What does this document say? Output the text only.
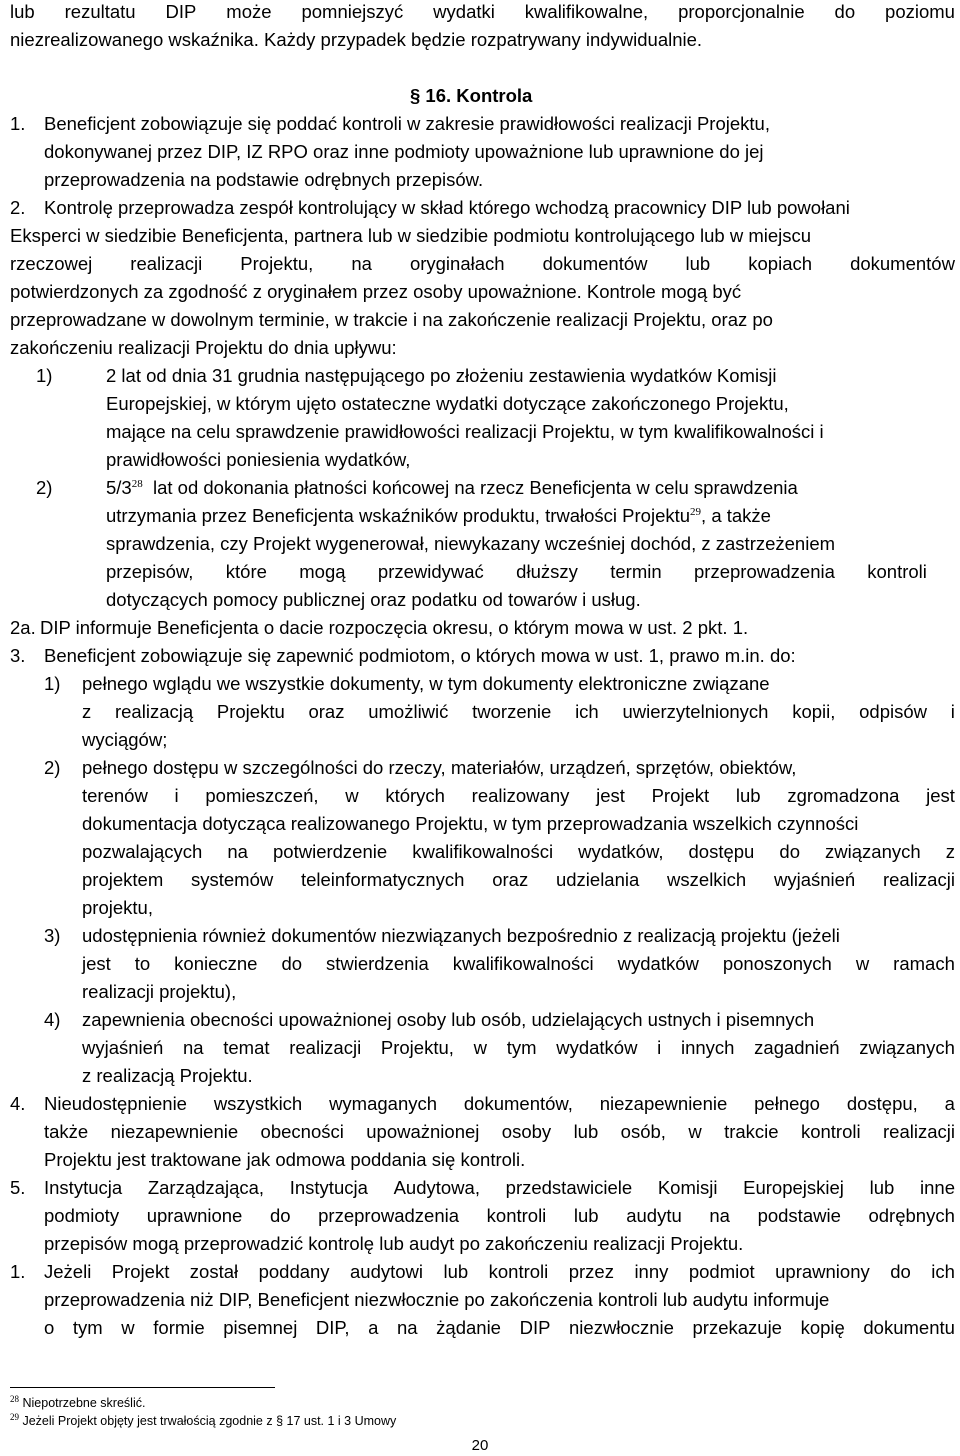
lub rezultatu DIP może pomniejszyć wydatki kwalifikowalne, proporcjonalnie do poziomu
niezrealizowanego wskaźnika. Każdy przypadek będzie rozpatrywany indywidualnie.
§ 16. Kontrola
1. Beneficjent zobowiązuje się poddać kontroli w zakresie prawidłowości realizacji Projektu,
dokonywanej przez DIP, IZ RPO oraz inne podmioty upoważnione lub uprawnione do jej
przeprowadzenia na podstawie odrębnych przepisów.
2. Kontrolę przeprowadza zespół kontrolujący w skład którego wchodzą pracownicy DIP lub powołani
Eksperci w siedzibie Beneficjenta, partnera lub w siedzibie podmiotu kontrolującego lub w miejscu
rzeczowej realizacji Projektu, na oryginałach dokumentów lub kopiach dokumentów
potwierdzonych za zgodność z oryginałem przez osoby upoważnione. Kontrole mogą być
przeprowadzane w dowolnym terminie, w trakcie i na zakończenie realizacji Projektu, oraz po
zakończeniu realizacji Projektu do dnia upływu:
1)	2 lat od dnia 31 grudnia następującego po złożeniu zestawienia wydatków Komisji
Europejskiej, w którym ujęto ostateczne wydatki dotyczące zakończonego Projektu,
mające na celu sprawdzenie prawidłowości realizacji Projektu, w tym kwalifikowalności i
prawidłowości poniesienia wydatków,
2)	$5/3^{28}$ lat od dokonania płatności końcowej na rzecz Beneficjenta w celu sprawdzenia
utrzymania przez Beneficjenta wskaźników produktu, trwałości Projektu$^{29}$, a także
sprawdzenia, czy Projekt wygenerował, niewykazany wcześniej dochód, z zastrzeżeniem
przepisów, które mogą przewidywać dłuższy termin przeprowadzenia kontroli
dotyczących pomocy publicznej oraz podatku od towarów i usług.
2a. DIP informuje Beneficjenta o dacie rozpoczęcia okresu, o którym mowa w ust. 2 pkt. 1.
3. Beneficjent zobowiązuje się zapewnić podmiotom, o których mowa w ust. 1, prawo m.in. do:
1) pełnego wglądu we wszystkie dokumenty, w tym dokumenty elektroniczne związane
z realizacją Projektu oraz umożliwić tworzenie ich uwierzytelnionych kopii, odpisów i
wyciągów;
2) pełnego dostępu w szczególności do rzeczy, materiałów, urządzeń, sprzętów, obiektów,
terenów i pomieszczeń, w których realizowany jest Projekt lub zgromadzona jest
dokumentacja dotycząca realizowanego Projektu, w tym przeprowadzania wszelkich czynności
pozwalających na potwierdzenie kwalifikowalności wydatków, dostępu do związanych z
projektem systemów teleinformatycznych oraz udzielania wszelkich wyjaśnień realizacji
projektu,
3) udostępnienia również dokumentów niezwiązanych bezpośrednio z realizacją projektu (jeżeli
jest to konieczne do stwierdzenia kwalifikowalności wydatków ponoszonych w ramach
realizacji projektu),
4) zapewnienia obecności upoważnionej osoby lub osób, udzielających ustnych i pisemnych
wyjaśnień na temat realizacji Projektu, w tym wydatków i innych zagadnień związanych
z realizacją Projektu.
4. Nieudostępnienie wszystkich wymaganych dokumentów, niezapewnienie pełnego dostępu, a
także niezapewnienie obecności upoważnionej osoby lub osób, w trakcie kontroli realizacji
Projektu jest traktowane jak odmowa poddania się kontroli.
5. Instytucja Zarządzająca, Instytucja Audytowa, przedstawiciele Komisji Europejskiej lub inne
podmioty uprawnione do przeprowadzenia kontroli lub audytu na podstawie odrębnych
przepisów mogą przeprowadzić kontrolę lub audyt po zakończeniu realizacji Projektu.
1. Jeżeli Projekt został poddany audytowi lub kontroli przez inny podmiot uprawniony do ich
przeprowadzenia niż DIP, Beneficjent niezwłocznie po zakończenia kontroli lub audytu informuje
o tym w formie pisemnej DIP, a na żądanie DIP niezwłocznie przekazuje kopię dokumentu
$^{28}$ Niepotrzebne skreślić.
$^{29}$ Jeżeli Projekt objęty jest trwałością zgodnie z § 17 ust. 1 i 3 Umowy
20
